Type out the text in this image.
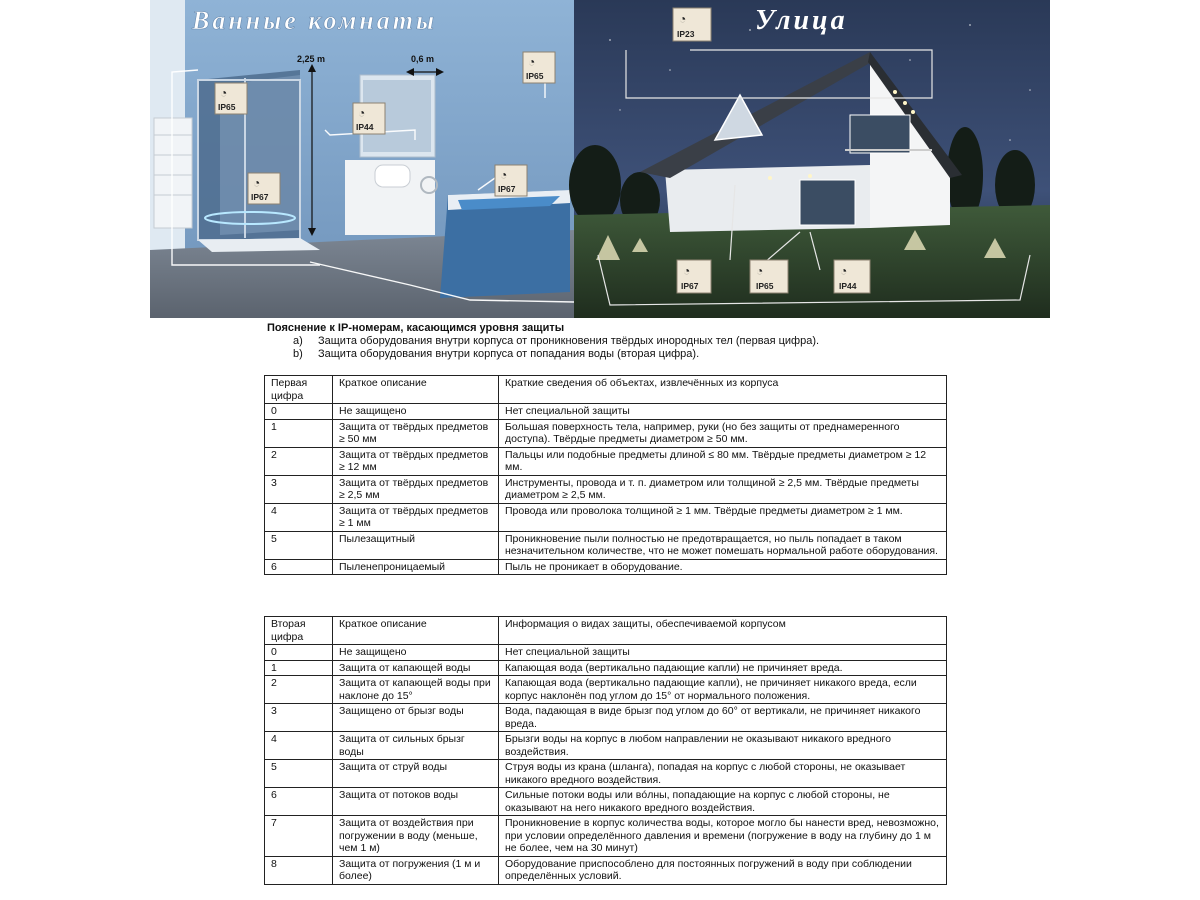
2,25 m	0,6 m
◔
IP65	◔
IP44
◔
IP65
◔
IP67
◔
IP67
Ванные комнаты	◔
IP23
◔
IP67
◔
IP65
◔
IP44
Улица
Пояснение к IP-номерам, касающимся уровня защиты
a) Защита оборудования внутри корпуса от проникновения твёрдых инородных тел (первая цифра).
b) Защита оборудования внутри корпуса от попадания воды (вторая цифра).
Первая цифра	Краткое описание	Краткие сведения об объектах, извлечённых из корпуса
0	Не защищено	Нет специальной защиты
1	Защита от твёрдых предметов ≥ 50 мм	Большая поверхность тела, например, руки (но без защиты от преднамеренного доступа). Твёрдые предметы диаметром ≥ 50 мм.
2	Защита от твёрдых предметов ≥ 12 мм	Пальцы или подобные предметы длиной ≤ 80 мм. Твёрдые предметы диаметром ≥ 12 мм.
3	Защита от твёрдых предметов ≥ 2,5 мм	Инструменты, провода и т. п. диаметром или толщиной ≥ 2,5 мм. Твёрдые предметы диаметром ≥ 2,5 мм.
4	Защита от твёрдых предметов ≥ 1 мм	Провода или проволока толщиной ≥ 1 мм. Твёрдые предметы диаметром ≥ 1 мм.
5	Пылезащитный	Проникновение пыли полностью не предотвращается, но пыль попадает в таком незначительном количестве, что не может помешать нормальной работе оборудования.
6	Пыленепроницаемый	Пыль не проникает в оборудование.
Вторая цифра	Краткое описание	Информация о видах защиты, обеспечиваемой корпусом
0	Не защищено	Нет специальной защиты
1	Защита от капающей воды	Капающая вода (вертикально падающие капли) не причиняет вреда.
2	Защита от капающей воды при наклоне до 15°	Капающая вода (вертикально падающие капли), не причиняет никакого вреда, если корпус наклонён под углом до 15° от нормального положения.
3	Защищено от брызг воды	Вода, падающая в виде брызг под углом до 60° от вертикали, не причиняет никакого вреда.
4	Защита от сильных брызг воды	Брызги воды на корпус в любом направлении не оказывают никакого вредного воздействия.
5	Защита от струй воды	Струя воды из крана (шланга), попадая на корпус с любой стороны, не оказывает никакого вредного воздействия.
6	Защита от потоков воды	Сильные потоки воды или вóлны, попадающие на корпус с любой стороны, не оказывают на него никакого вредного воздействия.
7	Защита от воздействия при погружении в воду (меньше, чем 1 м)	Проникновение в корпус количества воды, которое могло бы нанести вред, невозможно, при условии определённого давления и времени (погружение в воду на глубину до 1 м не более, чем на 30 минут)
8	Защита от погружения (1 м и более)	Оборудование приспособлено для постоянных погружений в воду при соблюдении определённых условий.
